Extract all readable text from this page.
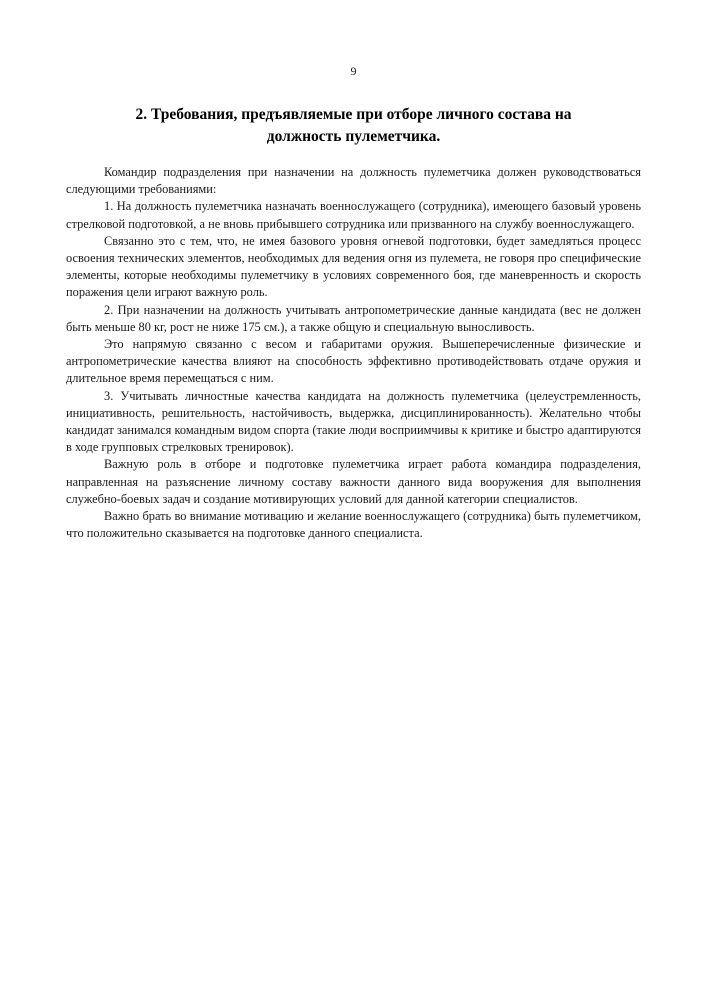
9
2. Требования, предъявляемые при отборе личного состава на должность пулеметчика.

Командир подразделения при назначении на должность пулеметчика должен руководствоваться следующими требованиями:

1. На должность пулеметчика назначать военнослужащего (сотрудника), имеющего базовый уровень стрелковой подготовкой, а не вновь прибывшего сотрудника или призванного на службу военнослужащего.

Связанно это с тем, что, не имея базового уровня огневой подготовки, будет замедляться процесс освоения технических элементов, необходимых для ведения огня из пулемета, не говоря про специфические элементы, которые необходимы пулеметчику в условиях современного боя, где маневренность и скорость поражения цели играют важную роль.

2. При назначении на должность учитывать антропометрические данные кандидата (вес не должен быть меньше 80 кг, рост не ниже 175 см.), а также общую и специальную выносливость.

Это напрямую связанно с весом и габаритами оружия. Вышеперечисленные физические и антропометрические качества влияют на способность эффективно противодействовать отдаче оружия и длительное время перемещаться с ним.

3. Учитывать личностные качества кандидата на должность пулеметчика (целеустремленность, инициативность, решительность, настойчивость, выдержка, дисциплинированность). Желательно чтобы кандидат занимался командным видом спорта (такие люди восприимчивы к критике и быстро адаптируются в ходе групповых стрелковых тренировок).

Важную роль в отборе и подготовке пулеметчика играет работа командира подразделения, направленная на разъяснение личному составу важности данного вида вооружения для выполнения служебно-боевых задач и создание мотивирующих условий для данной категории специалистов.

Важно брать во внимание мотивацию и желание военнослужащего (сотрудника) быть пулеметчиком, что положительно сказывается на подготовке данного специалиста.
